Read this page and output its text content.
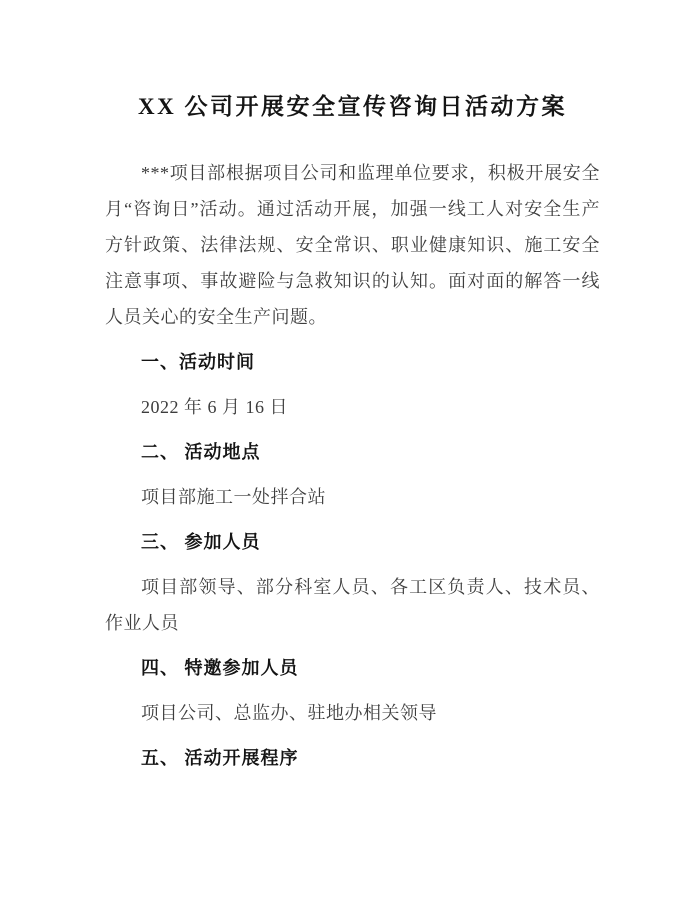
XX 公司开展安全宣传咨询日活动方案

***项目部根据项目公司和监理单位要求，积极开展安全月“咨询日”活动。通过活动开展，加强一线工人对安全生产方针政策、法律法规、安全常识、职业健康知识、施工安全注意事项、事故避险与急救知识的认知。面对面的解答一线人员关心的安全生产问题。

一、活动时间

2022 年 6 月 16 日

二、 活动地点

项目部施工一处拌合站

三、 参加人员

项目部领导、部分科室人员、各工区负责人、技术员、作业人员

四、 特邀参加人员

项目公司、总监办、驻地办相关领导

五、 活动开展程序
